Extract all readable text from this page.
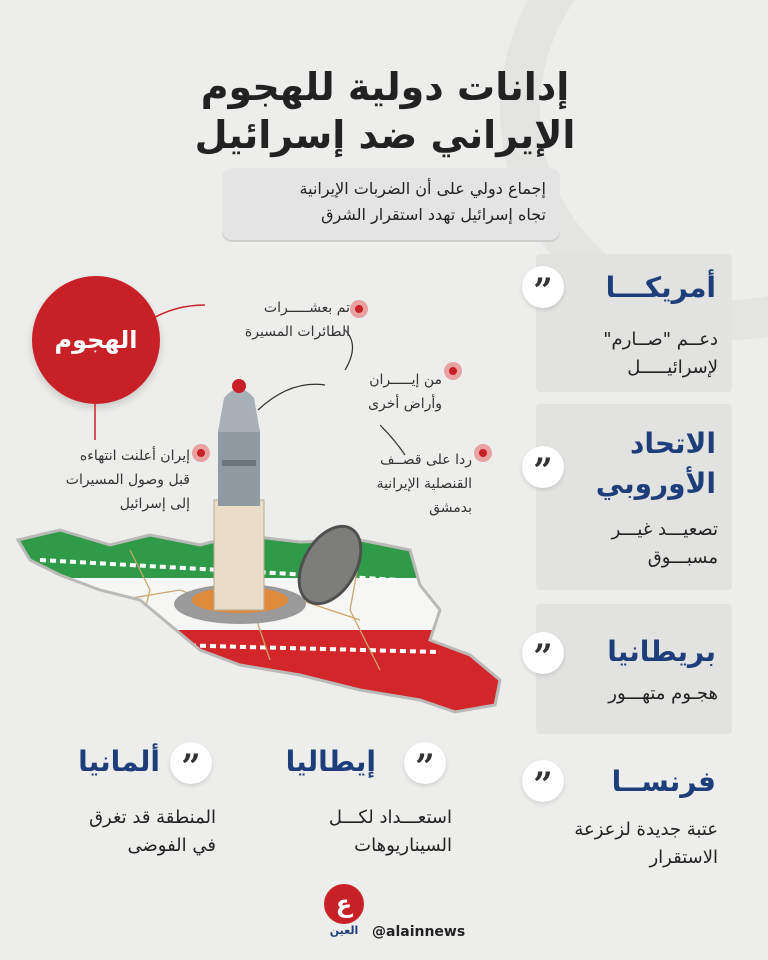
إدانات دولية للهجوم
الإيراني ضد إسرائيل
إجماع دولي على أن الضربات الإيرانية
تجاه إسرائيل تهدد استقرار الشرق
الهجوم
تم بعشـــــرات
الطائرات المسيرة
من إيـــــران
وأراض أخرى
ردا على قصــف
القنصلية الإيرانية
بدمشق
إيران أعلنت انتهاءه
قبل وصول المسيرات
إلى إسرائيل
”	أمريكـــا
دعــم "صــارم"
لإسرائيـــــل
”
الاتحاد
الأوروبي
تصعيـــد غيـــر
مسبـــوق
”	بريطانيا
هجـوم متهـــور
”	فرنســا
عتبة جديدة لزعزعة
الاستقرار
”
إيطاليا
استعـــداد لكـــل
السيناريوهات
”
ألمانيا
المنطقة قد تغرق
في الفوضى
ع
العين @alainnews
